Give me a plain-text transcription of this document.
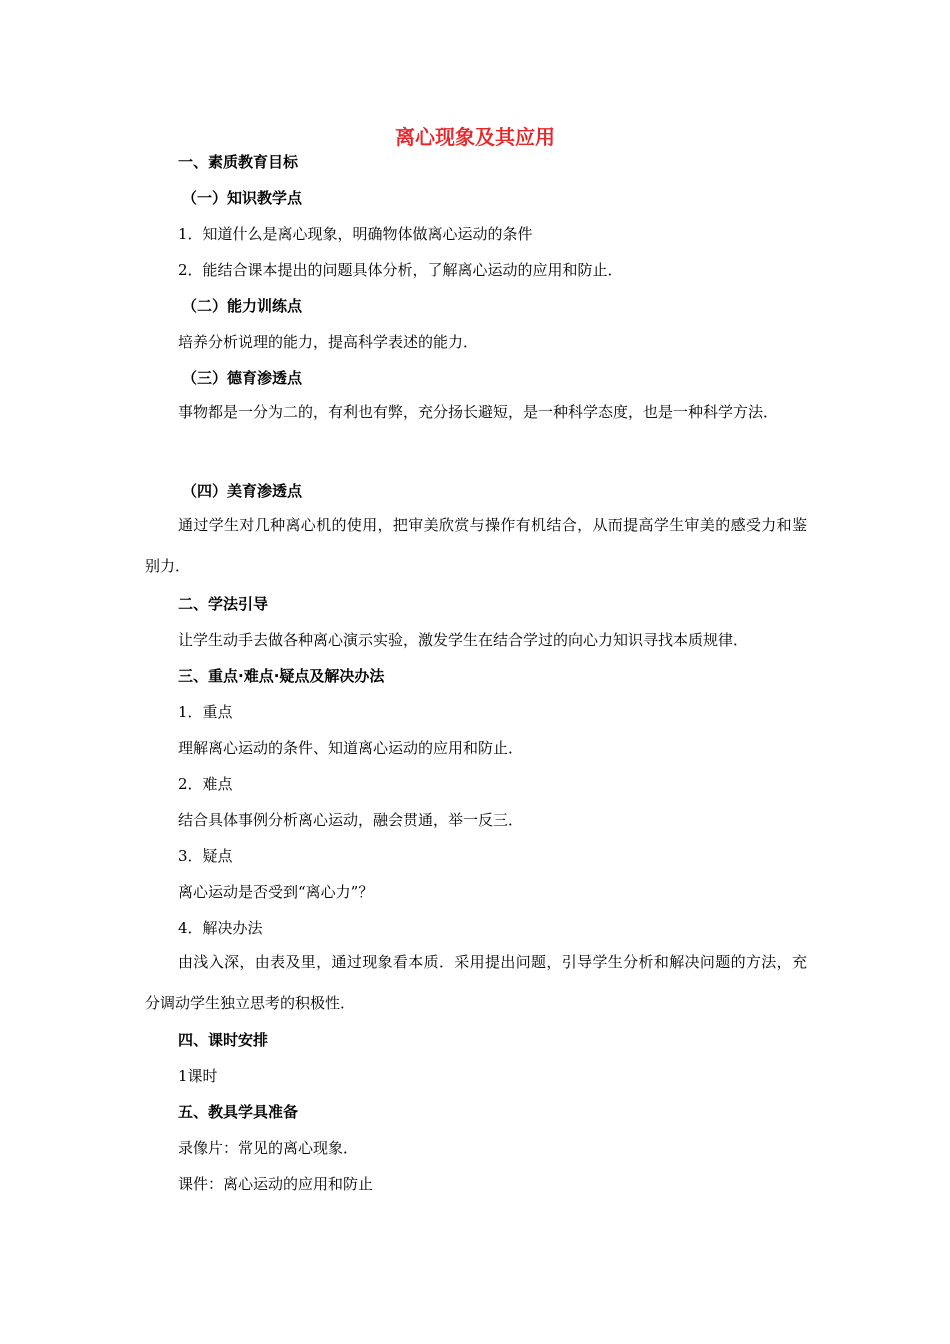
离心现象及其应用
一、素质教育目标
（一）知识教学点
1．知道什么是离心现象，明确物体做离心运动的条件
2．能结合课本提出的问题具体分析，了解离心运动的应用和防止．
（二）能力训练点
培养分析说理的能力，提高科学表述的能力．
（三）德育渗透点
事物都是一分为二的，有利也有弊，充分扬长避短，是一种科学态度，也是一种科学方法．
（四）美育渗透点
通过学生对几种离心机的使用，把审美欣赏与操作有机结合，从而提高学生审美的感受力和鉴别力．
二、学法引导
让学生动手去做各种离心演示实验，激发学生在结合学过的向心力知识寻找本质规律．
三、重点·难点·疑点及解决办法
1．重点
理解离心运动的条件、知道离心运动的应用和防止．
2．难点
结合具体事例分析离心运动，融会贯通，举一反三．
3．疑点
离心运动是否受到“离心力”？
4．解决办法
由浅入深，由表及里，通过现象看本质．采用提出问题，引导学生分析和解决问题的方法，充分调动学生独立思考的积极性．
四、课时安排
1课时
五、教具学具准备
录像片：常见的离心现象．
课件：离心运动的应用和防止
